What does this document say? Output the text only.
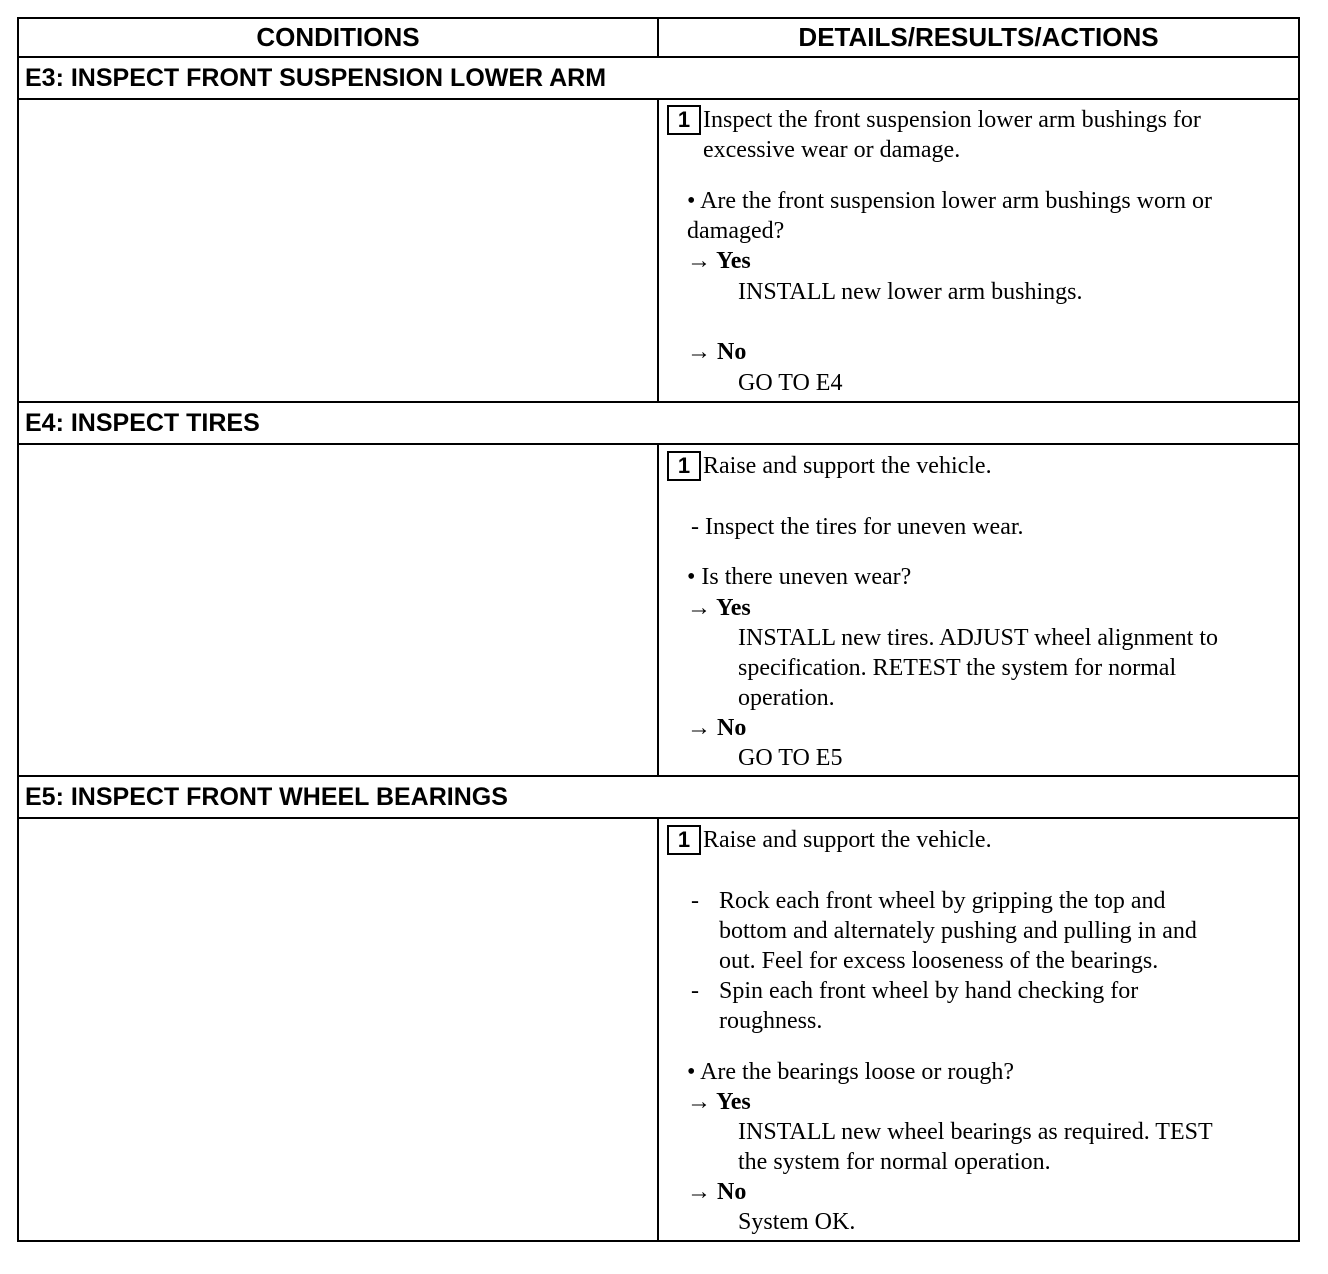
CONDITIONS	DETAILS/RESULTS/ACTIONS
E3: INSPECT FRONT SUSPENSION LOWER ARM
1 Inspect the front suspension lower arm bushings for
excessive wear or damage.
• Are the front suspension lower arm bushings worn or
damaged?
→ Yes
INSTALL new lower arm bushings.
→ No
GO TO E4
E4: INSPECT TIRES
1 Raise and support the vehicle.
- Inspect the tires for uneven wear.
• Is there uneven wear?
→ Yes
INSTALL new tires. ADJUST wheel alignment to
specification. RETEST the system for normal
operation.
→ No
GO TO E5
E5: INSPECT FRONT WHEEL BEARINGS
1 Raise and support the vehicle.
- Rock each front wheel by gripping the top and
bottom and alternately pushing and pulling in and
out. Feel for excess looseness of the bearings.
- Spin each front wheel by hand checking for
roughness.
• Are the bearings loose or rough?
→ Yes
INSTALL new wheel bearings as required. TEST
the system for normal operation.
→ No
System OK.
